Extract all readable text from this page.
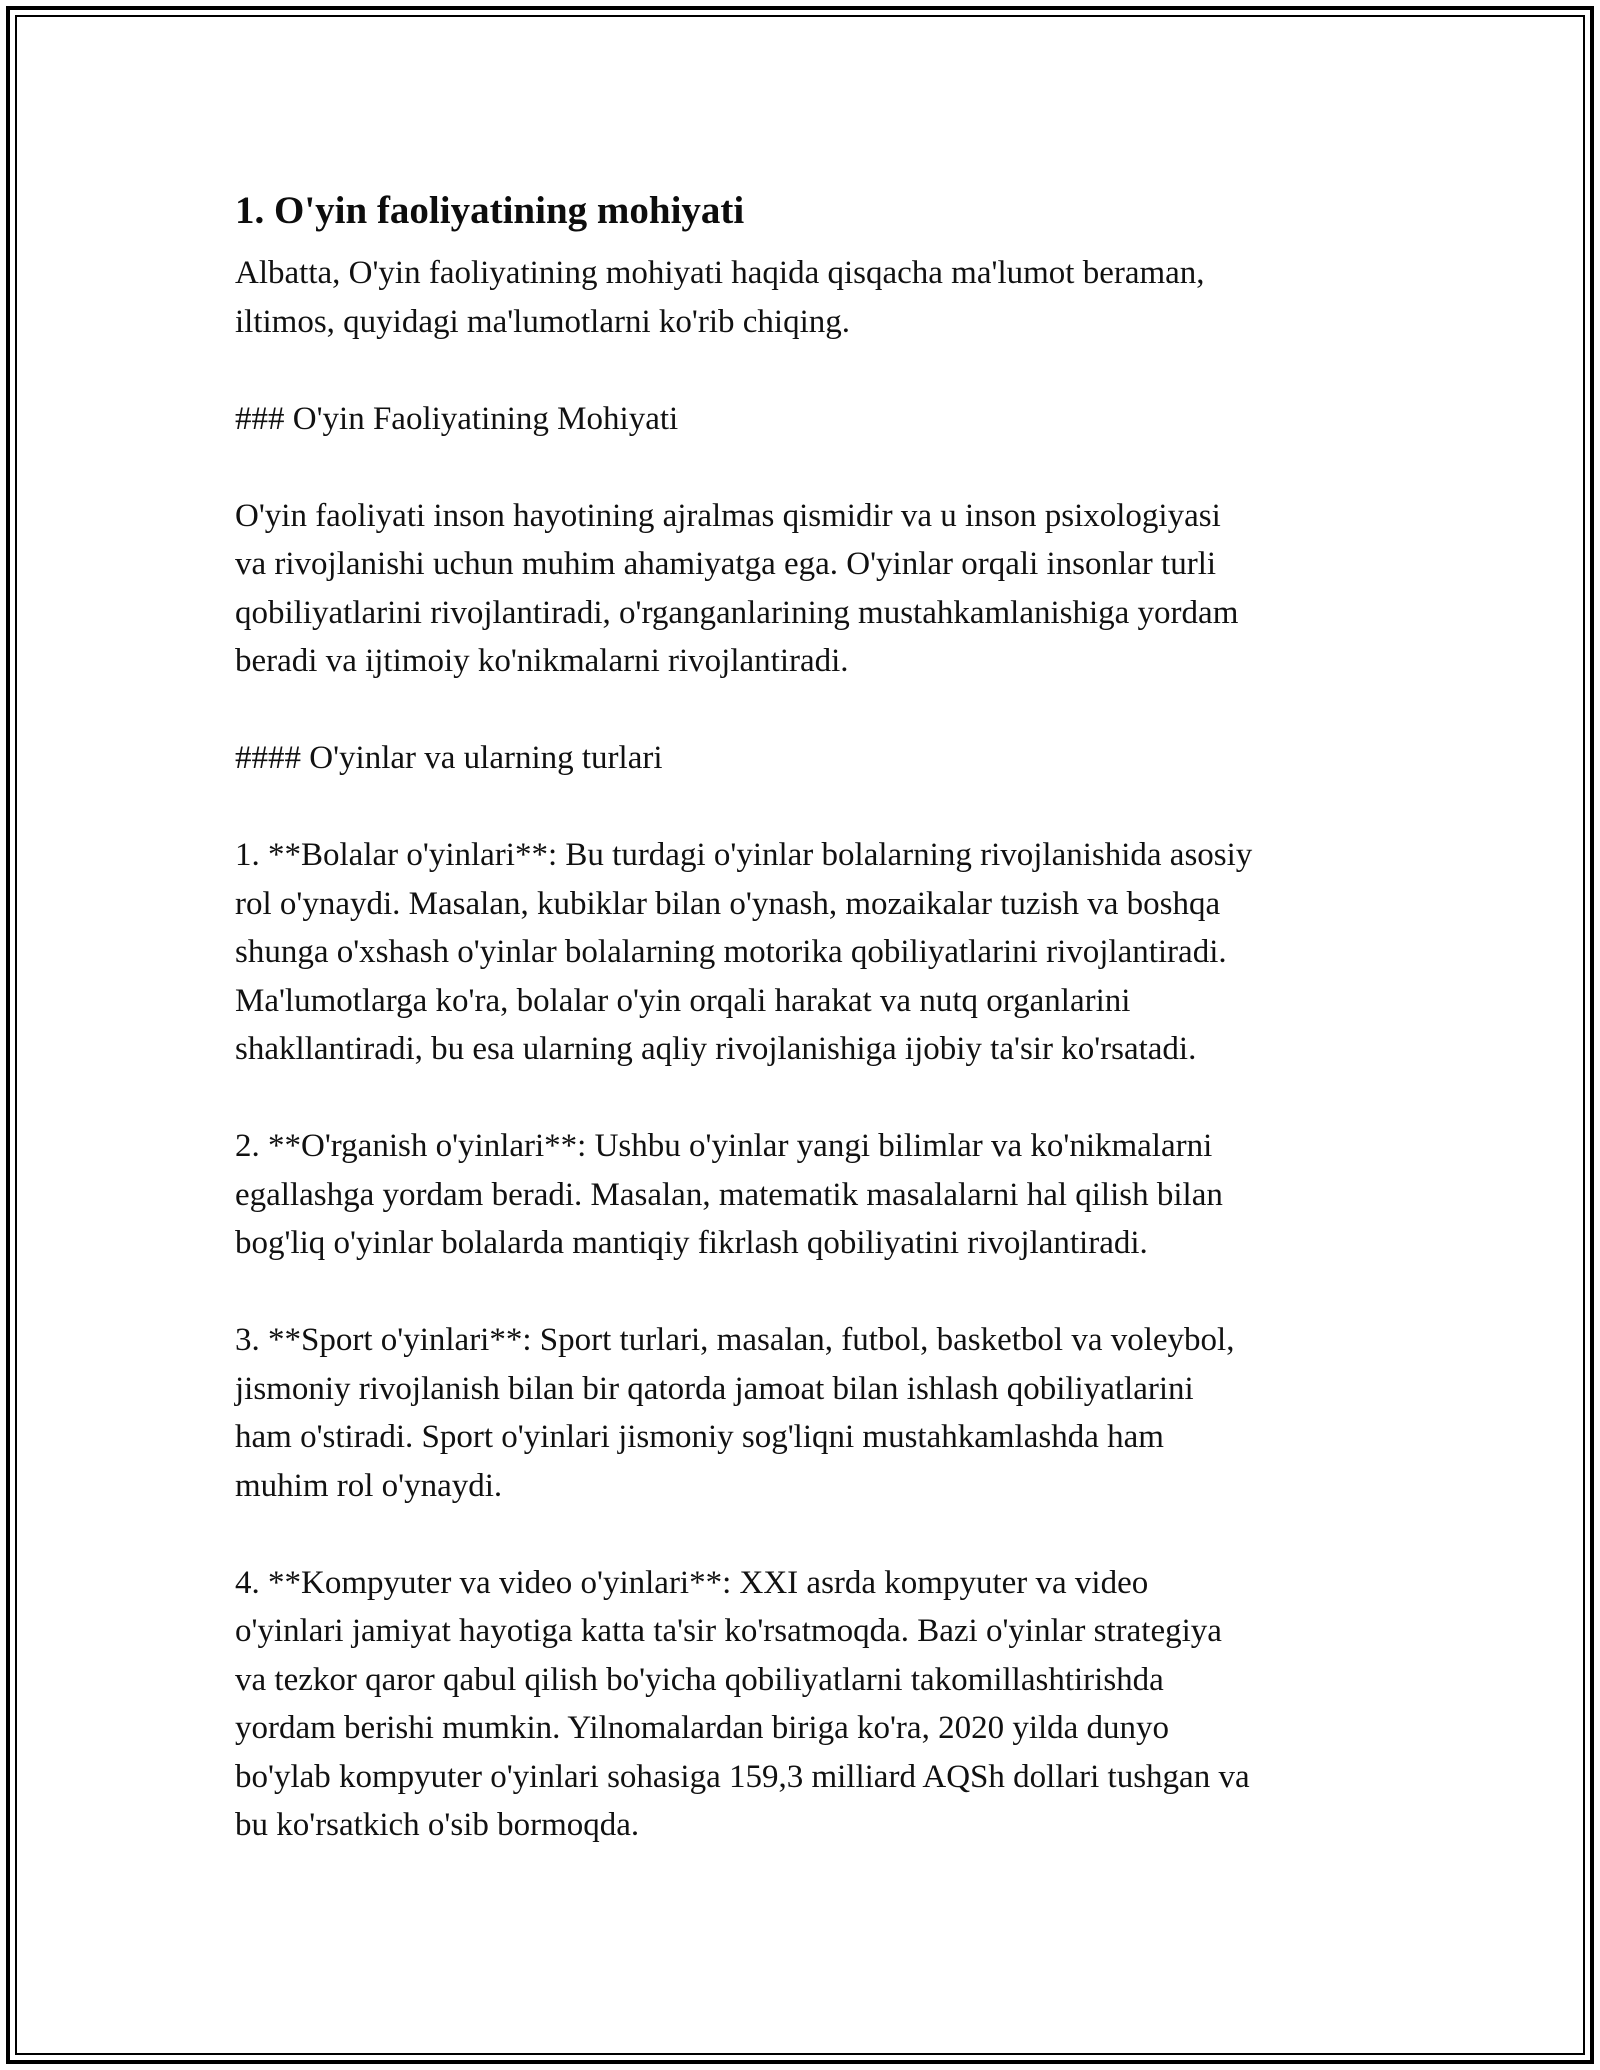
1. O'yin faoliyatining mohiyati

Albatta, O'yin faoliyatining mohiyati haqida qisqacha ma'lumot beraman,
iltimos, quyidagi ma'lumotlarni ko'rib chiqing.

### O'yin Faoliyatining Mohiyati

O'yin faoliyati inson hayotining ajralmas qismidir va u inson psixologiyasi
va rivojlanishi uchun muhim ahamiyatga ega. O'yinlar orqali insonlar turli
qobiliyatlarini rivojlantiradi, o'rganganlarining mustahkamlanishiga yordam
beradi va ijtimoiy ko'nikmalarni rivojlantiradi.

#### O'yinlar va ularning turlari

1. **Bolalar o'yinlari**: Bu turdagi o'yinlar bolalarning rivojlanishida asosiy
rol o'ynaydi. Masalan, kubiklar bilan o'ynash, mozaikalar tuzish va boshqa
shunga o'xshash o'yinlar bolalarning motorika qobiliyatlarini rivojlantiradi.
Ma'lumotlarga ko'ra, bolalar o'yin orqali harakat va nutq organlarini
shakllantiradi, bu esa ularning aqliy rivojlanishiga ijobiy ta'sir ko'rsatadi.

2. **O'rganish o'yinlari**: Ushbu o'yinlar yangi bilimlar va ko'nikmalarni
egallashga yordam beradi. Masalan, matematik masalalarni hal qilish bilan
bog'liq o'yinlar bolalarda mantiqiy fikrlash qobiliyatini rivojlantiradi.

3. **Sport o'yinlari**: Sport turlari, masalan, futbol, basketbol va voleybol,
jismoniy rivojlanish bilan bir qatorda jamoat bilan ishlash qobiliyatlarini
ham o'stiradi. Sport o'yinlari jismoniy sog'liqni mustahkamlashda ham
muhim rol o'ynaydi.

4. **Kompyuter va video o'yinlari**: XXI asrda kompyuter va video
o'yinlari jamiyat hayotiga katta ta'sir ko'rsatmoqda. Bazi o'yinlar strategiya
va tezkor qaror qabul qilish bo'yicha qobiliyatlarni takomillashtirishda
yordam berishi mumkin. Yilnomalardan biriga ko'ra, 2020 yilda dunyo
bo'ylab kompyuter o'yinlari sohasiga 159,3 milliard AQSh dollari tushgan va
bu ko'rsatkich o'sib bormoqda.
